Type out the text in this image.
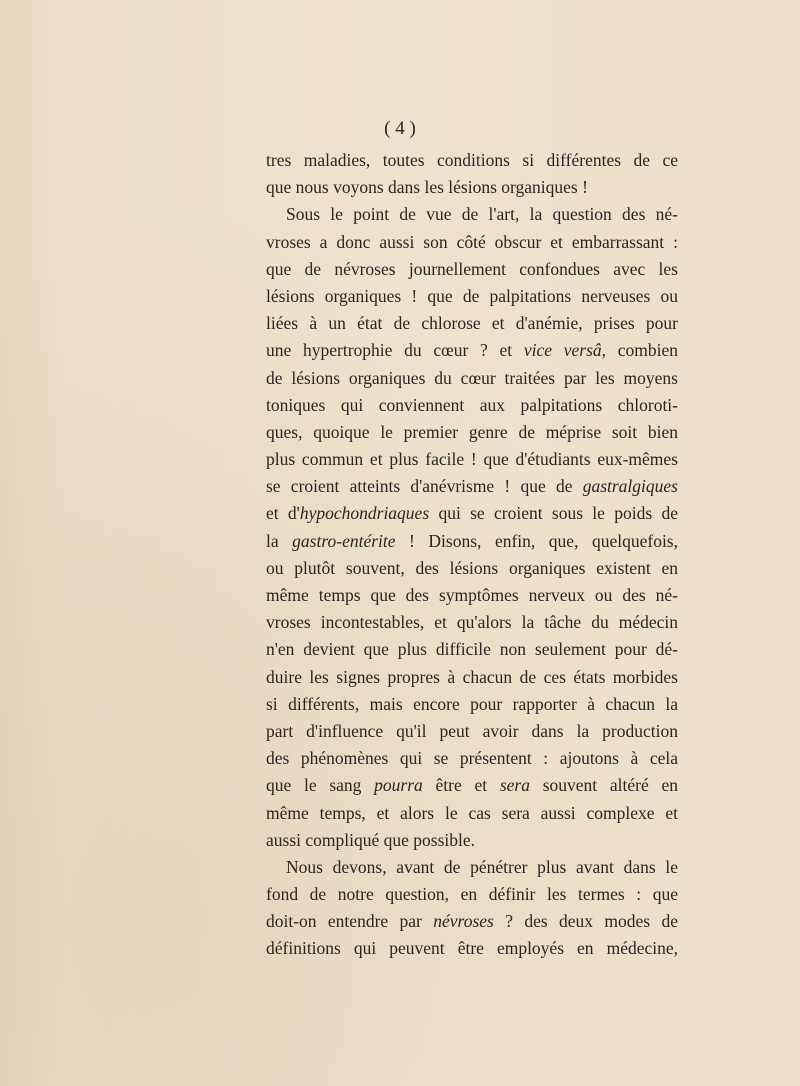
( 4 )
tres maladies, toutes conditions si différentes de ce
que nous voyons dans les lésions organiques !
Sous le point de vue de l'art, la question des né-
vroses a donc aussi son côté obscur et embarrassant :
que de névroses journellement confondues avec les
lésions organiques ! que de palpitations nerveuses ou
liées à un état de chlorose et d'anémie, prises pour
une hypertrophie du cœur ? et vice versâ, combien
de lésions organiques du cœur traitées par les moyens
toniques qui conviennent aux palpitations chloroti-
ques, quoique le premier genre de méprise soit bien
plus commun et plus facile ! que d'étudiants eux-mêmes
se croient atteints d'anévrisme ! que de gastralgiques
et d'hypochondriaques qui se croient sous le poids de
la gastro-entérite ! Disons, enfin, que, quelquefois,
ou plutôt souvent, des lésions organiques existent en
même temps que des symptômes nerveux ou des né-
vroses incontestables, et qu'alors la tâche du médecin
n'en devient que plus difficile non seulement pour dé-
duire les signes propres à chacun de ces états morbides
si différents, mais encore pour rapporter à chacun la
part d'influence qu'il peut avoir dans la production
des phénomènes qui se présentent : ajoutons à cela
que le sang pourra être et sera souvent altéré en
même temps, et alors le cas sera aussi complexe et
aussi compliqué que possible.
Nous devons, avant de pénétrer plus avant dans le
fond de notre question, en définir les termes : que
doit-on entendre par névroses ? des deux modes de
définitions qui peuvent être employés en médecine,
